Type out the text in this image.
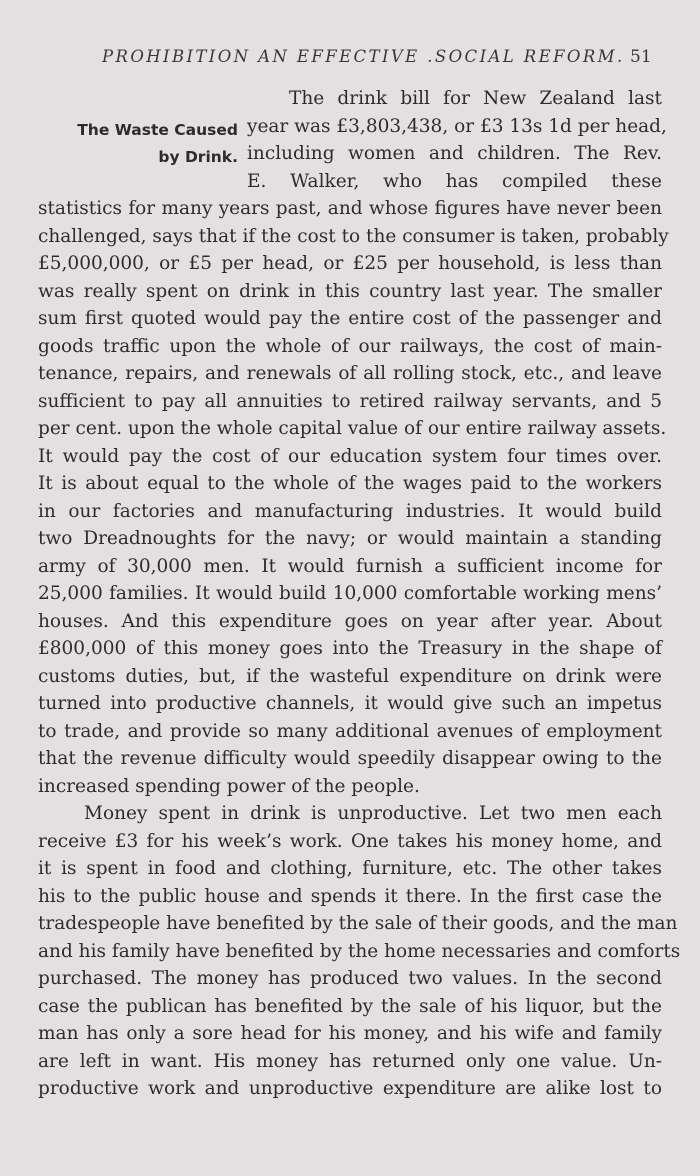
PROHIBITION AN EFFECTIVE .SOCIAL REFORM. 51
The Waste Caused
by Drink.
The drink bill for New Zealand last
year was £3,803,438, or £3 13s 1d per head,
including women and children. The Rev.
E. Walker, who has compiled these
statistics for many years past, and whose figures have never been
challenged, says that if the cost to the consumer is taken, probably
£5,000,000, or £5 per head, or £25 per household, is less than
was really spent on drink in this country last year. The smaller
sum first quoted would pay the entire cost of the passenger and
goods traffic upon the whole of our railways, the cost of main-
tenance, repairs, and renewals of all rolling stock, etc., and leave
sufficient to pay all annuities to retired railway servants, and 5
per cent. upon the whole capital value of our entire railway assets.
It would pay the cost of our education system four times over.
It is about equal to the whole of the wages paid to the workers
in our factories and manufacturing industries. It would build
two Dreadnoughts for the navy; or would maintain a standing
army of 30,000 men. It would furnish a sufficient income for
25,000 families. It would build 10,000 comfortable working mens’
houses. And this expenditure goes on year after year. About
£800,000 of this money goes into the Treasury in the shape of
customs duties, but, if the wasteful expenditure on drink were
turned into productive channels, it would give such an impetus
to trade, and provide so many additional avenues of employment
that the revenue difficulty would speedily disappear owing to the
increased spending power of the people.
Money spent in drink is unproductive. Let two men each
receive £3 for his week’s work. One takes his money home, and
it is spent in food and clothing, furniture, etc. The other takes
his to the public house and spends it there. In the first case the
tradespeople have benefited by the sale of their goods, and the man
and his family have benefited by the home necessaries and comforts
purchased. The money has produced two values. In the second
case the publican has benefited by the sale of his liquor, but the
man has only a sore head for his money, and his wife and family
are left in want. His money has returned only one value. Un-
productive work and unproductive expenditure are alike lost to
